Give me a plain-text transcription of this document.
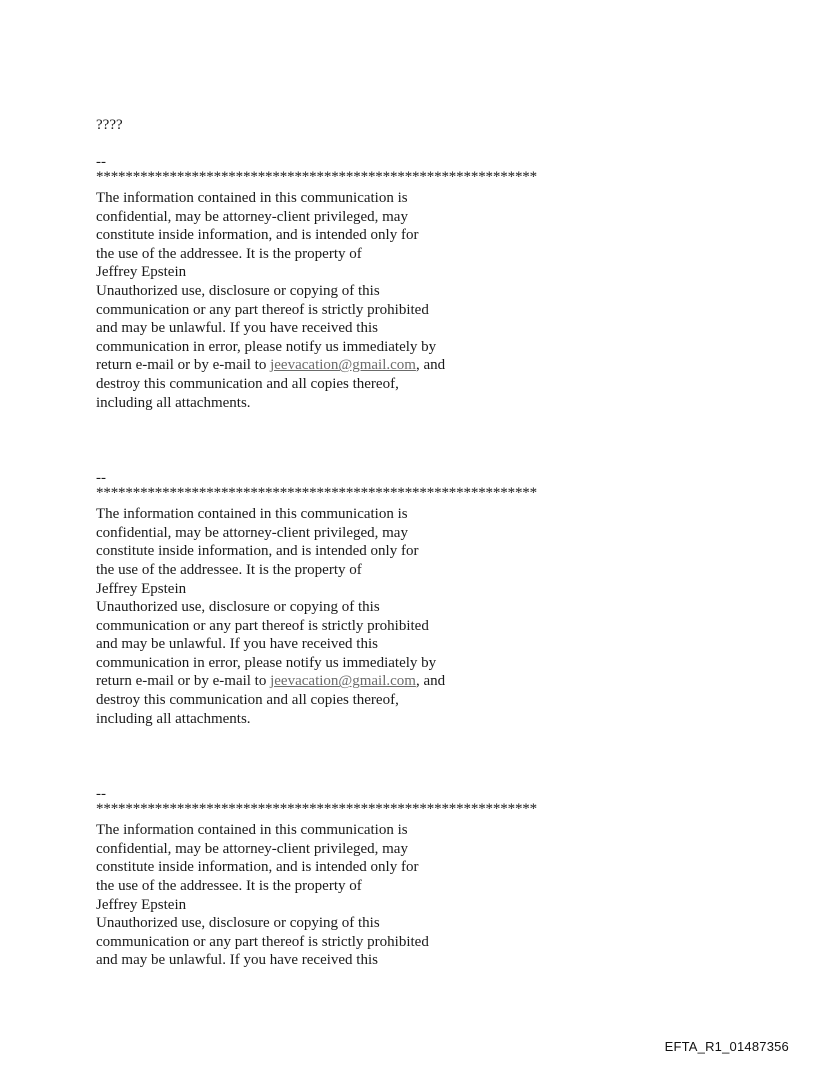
????

--

************************************************************

The information contained in this communication is
confidential, may be attorney-client privileged, may
constitute inside information, and is intended only for
the use of the addressee. It is the property of
Jeffrey Epstein
Unauthorized use, disclosure or copying of this
communication or any part thereof is strictly prohibited
and may be unlawful. If you have received this
communication in error, please notify us immediately by
return e-mail or by e-mail to jeevacation@gmail.com, and
destroy this communication and all copies thereof,
including all attachments.

--

************************************************************

The information contained in this communication is
confidential, may be attorney-client privileged, may
constitute inside information, and is intended only for
the use of the addressee. It is the property of
Jeffrey Epstein
Unauthorized use, disclosure or copying of this
communication or any part thereof is strictly prohibited
and may be unlawful. If you have received this
communication in error, please notify us immediately by
return e-mail or by e-mail to jeevacation@gmail.com, and
destroy this communication and all copies thereof,
including all attachments.

--

************************************************************

The information contained in this communication is
confidential, may be attorney-client privileged, may
constitute inside information, and is intended only for
the use of the addressee. It is the property of
Jeffrey Epstein
Unauthorized use, disclosure or copying of this
communication or any part thereof is strictly prohibited
and may be unlawful. If you have received this
EFTA_R1_01487356
